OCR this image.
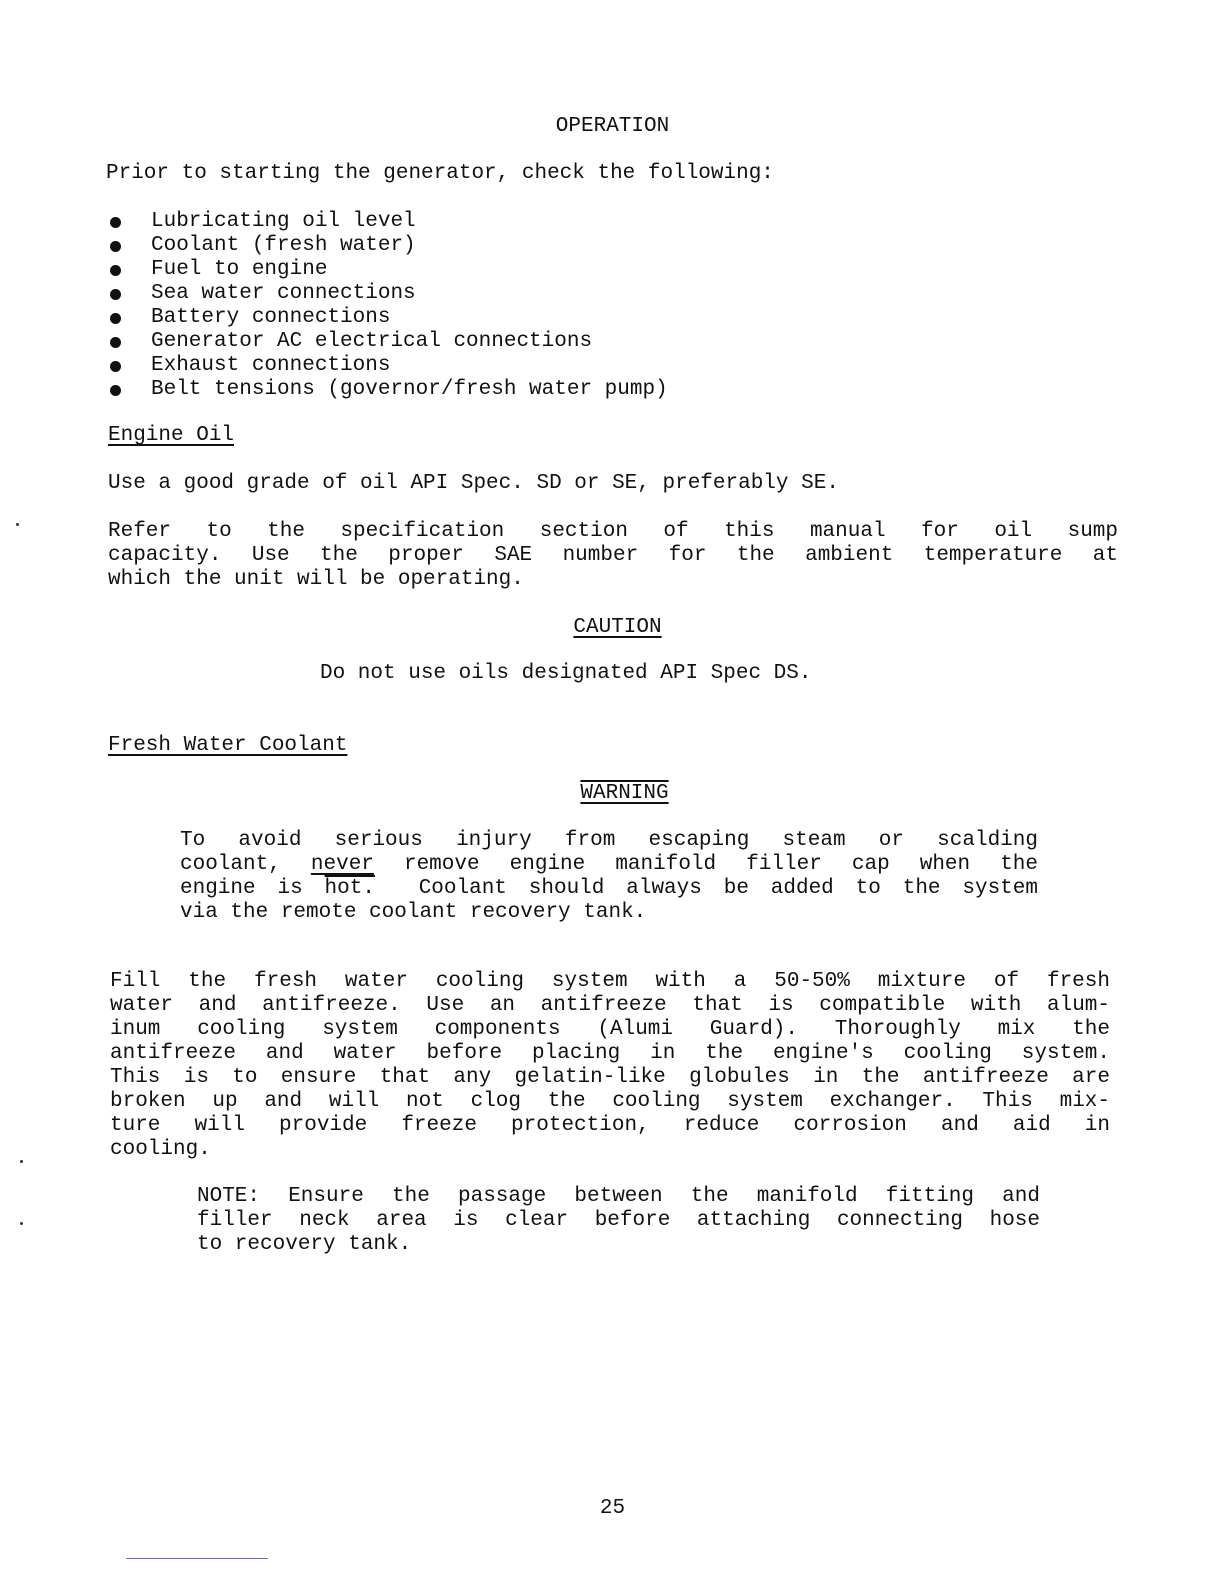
OPERATION
Prior to starting the generator, check the following:
Lubricating oil level
Coolant (fresh water)
Fuel to engine
Sea water connections
Battery connections
Generator AC electrical connections
Exhaust connections
Belt tensions (governor/fresh water pump)
Engine Oil
Use a good grade of oil API Spec. SD or SE, preferably SE.
Refer to the specification section of this manual for oil sump
capacity. Use the proper SAE number for the ambient temperature at
which the unit will be operating.
CAUTION
Do not use oils designated API Spec DS.
Fresh Water Coolant
WARNING
To avoid serious injury from escaping steam or scalding
coolant, never remove engine manifold filler cap when the
engine is hot.  Coolant should always be added to the system
via the remote coolant recovery tank.
Fill the fresh water cooling system with a 50-50% mixture of fresh
water and antifreeze. Use an antifreeze that is compatible with alum-
inum cooling system components (Alumi Guard). Thoroughly mix the
antifreeze and water before placing in the engine's cooling system.
This is to ensure that any gelatin-like globules in the antifreeze are
broken up and will not clog the cooling system exchanger. This mix-
ture will provide freeze protection, reduce corrosion and aid in
cooling.
NOTE: Ensure the passage between the manifold fitting and
filler neck area is clear before attaching connecting hose
to recovery tank.
25
